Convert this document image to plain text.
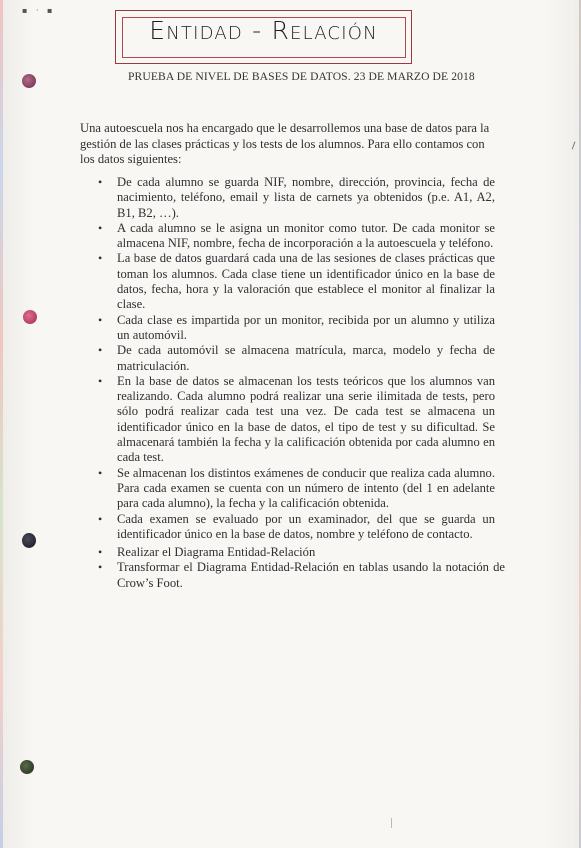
▪ · ▪
Entidad - Relación
PRUEBA DE NIVEL DE BASES DE DATOS. 23 DE MARZO DE 2018
Una autoescuela nos ha encargado que le desarrollemos una base de datos para la gestión de las clases prácticas y los tests de los alumnos. Para ello contamos con los datos siguientes:
• De cada alumno se guarda NIF, nombre, dirección, provincia, fecha de nacimiento, teléfono, email y lista de carnets ya obtenidos (p.e. A1, A2, B1, B2, …).
• A cada alumno se le asigna un monitor como tutor. De cada monitor se almacena NIF, nombre, fecha de incorporación a la autoescuela y teléfono.
• La base de datos guardará cada una de las sesiones de clases prácticas que toman los alumnos. Cada clase tiene un identificador único en la base de datos, fecha, hora y la valoración que establece el monitor al finalizar la clase.
• Cada clase es impartida por un monitor, recibida por un alumno y utiliza un automóvil.
• De cada automóvil se almacena matrícula, marca, modelo y fecha de matriculación.
• En la base de datos se almacenan los tests teóricos que los alumnos van realizando. Cada alumno podrá realizar una serie ilimitada de tests, pero sólo podrá realizar cada test una vez. De cada test se almacena un identificador único en la base de datos, el tipo de test y su dificultad. Se almacenará también la fecha y la calificación obtenida por cada alumno en cada test.
• Se almacenan los distintos exámenes de conducir que realiza cada alumno. Para cada examen se cuenta con un número de intento (del 1 en adelante para cada alumno), la fecha y la calificación obtenida.
• Cada examen se evaluado por un examinador, del que se guarda un identificador único en la base de datos, nombre y teléfono de contacto.
• Realizar el Diagrama Entidad-Relación
• Transformar el Diagrama Entidad-Relación en tablas usando la notación de Crow’s Foot.
